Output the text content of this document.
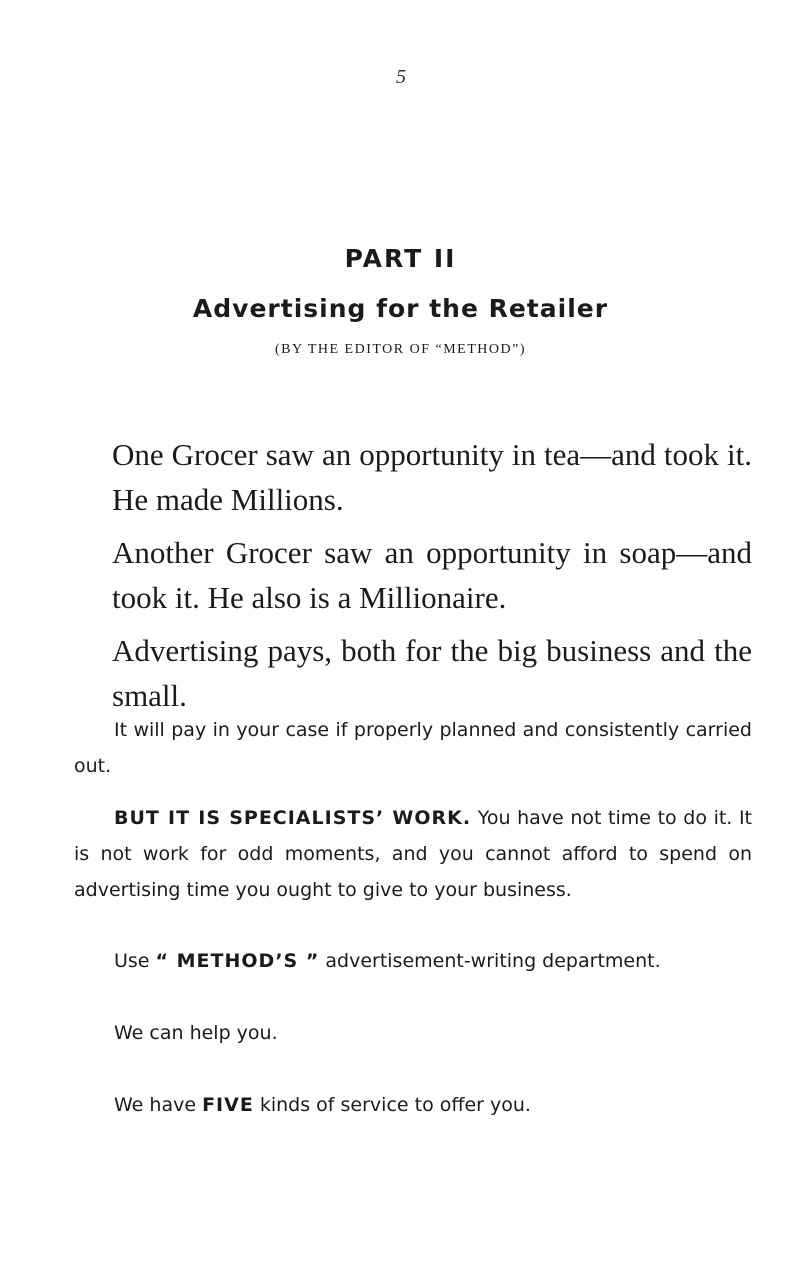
5
PART II
Advertising for the Retailer
(BY THE EDITOR OF “METHOD”)
One Grocer saw an opportunity in tea—and took it. He made Millions.
Another Grocer saw an opportunity in soap—and took it. He also is a Millionaire.
Advertising pays, both for the big business and the small.
It will pay in your case if properly planned and consistently carried out.
BUT IT IS SPECIALISTS’ WORK. You have not time to do it. It is not work for odd moments, and you cannot afford to spend on advertising time you ought to give to your business.
Use “ METHOD’S ” advertisement-writing department.
We can help you.
We have FIVE kinds of service to offer you.
